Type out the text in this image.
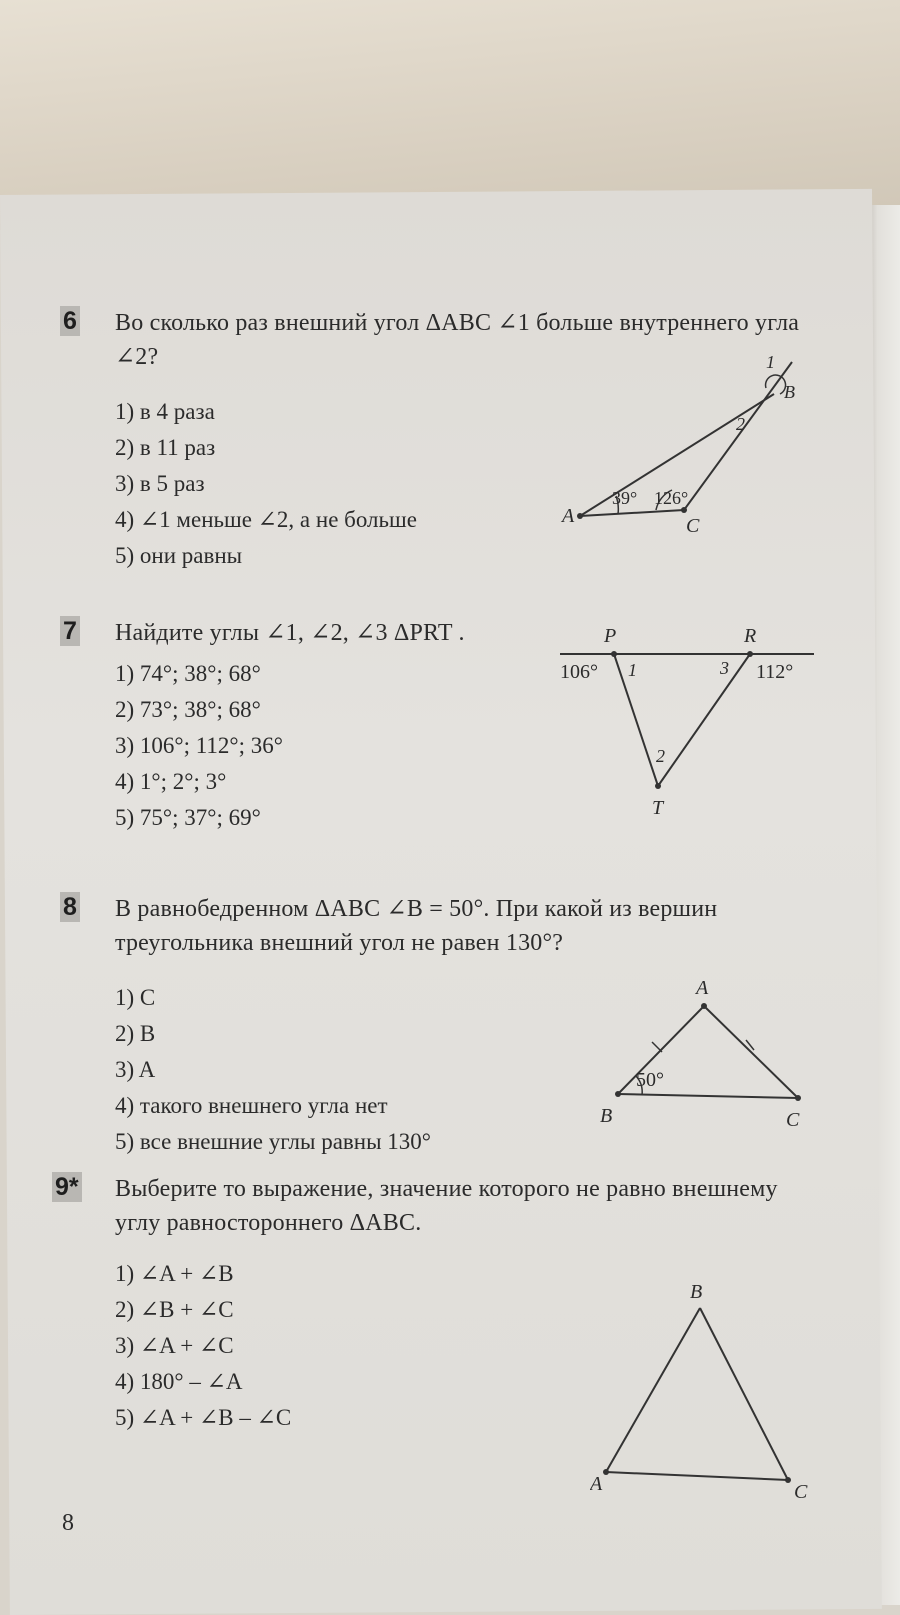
6 Во сколько раз внешний угол ΔABC ∠1 больше внутреннего угла ∠2?
1) в 4 раза
2) в 11 раз
3) в 5 раз
4) ∠1 меньше ∠2, а не больше
5) они равны
A
B
C
1
2
39° 126°
7 Найдите углы ∠1, ∠2, ∠3 ΔPRT .
1) 74°; 38°; 68°
2) 73°; 38°; 68°
3) 106°; 112°; 36°
4) 1°; 2°; 3°
5) 75°; 37°; 69°
P	R
T
106°	112°
1
2
3
8 В равнобедренном ΔABC ∠B = 50°. При какой из вершин треугольника внешний угол не равен 130°?
1) C
2) B
3) A
4) такого внешнего угла нет
5) все внешние углы равны 130°
A
B	C
50°
9* Выберите то выражение, значение которого не равно внешнему углу равностороннего ΔABC.
1) ∠A + ∠B
2) ∠B + ∠C
3) ∠A + ∠C
4) 180° – ∠A
5) ∠A + ∠B – ∠C
B
A	C
8
